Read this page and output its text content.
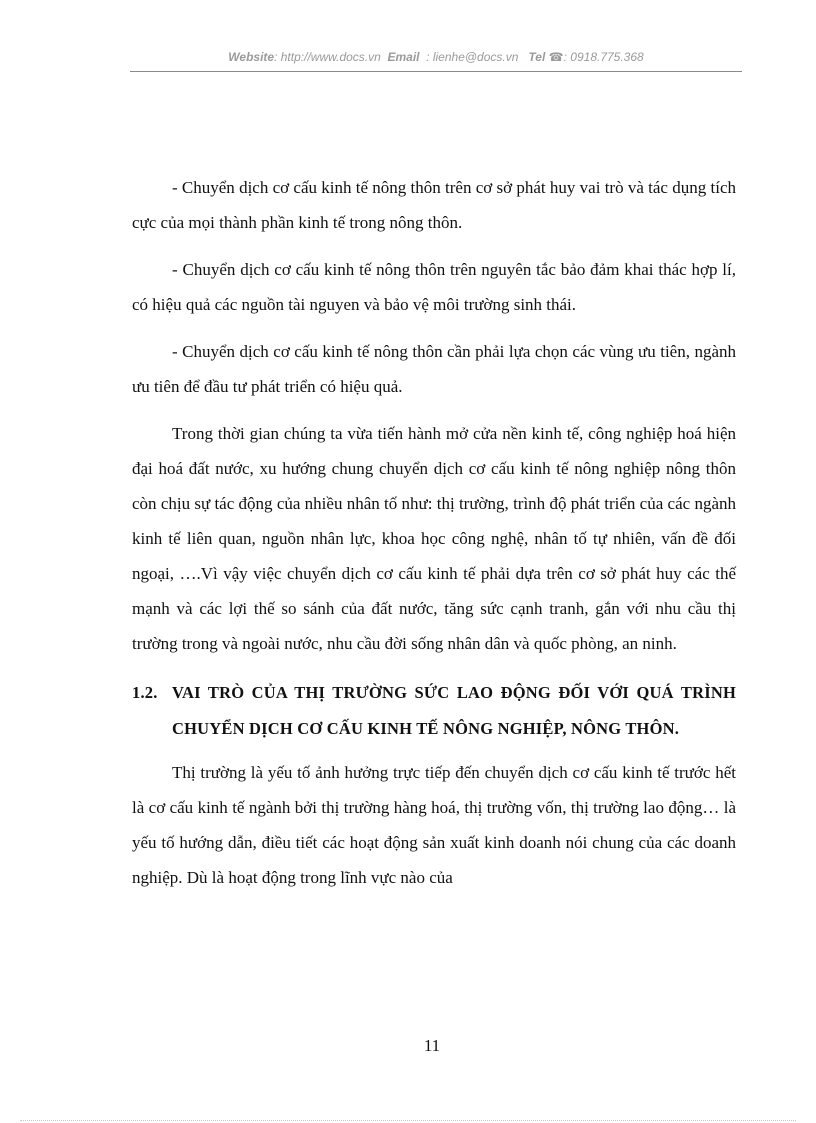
Website: http://www.docs.vn Email : lienhe@docs.vn Tel ☎: 0918.775.368

- Chuyển dịch cơ cấu kinh tế nông thôn trên cơ sở phát huy vai trò và tác dụng tích cực của mọi thành phần kinh tế trong nông thôn.

- Chuyển dịch cơ cấu kinh tế nông thôn trên nguyên tắc bảo đảm khai thác hợp lí, có hiệu quả các nguồn tài nguyen và bảo vệ môi trường sinh thái.

- Chuyển dịch cơ cấu kinh tế nông thôn cần phải lựa chọn các vùng ưu tiên, ngành ưu tiên để đầu tư phát triển có hiệu quả.

Trong thời gian chúng ta vừa tiến hành mở cửa nền kinh tế, công nghiệp hoá hiện đại hoá đất nước, xu hướng chung chuyển dịch cơ cấu kinh tế nông nghiệp nông thôn còn chịu sự tác động của nhiều nhân tố như: thị trường, trình độ phát triển của các ngành kinh tế liên quan, nguồn nhân lực, khoa học công nghệ, nhân tố tự nhiên, vấn đề đối ngoại, ….Vì vậy việc chuyển dịch cơ cấu kinh tế phải dựa trên cơ sở phát huy các thế mạnh và các lợi thế so sánh của đất nước, tăng sức cạnh tranh, gắn với nhu cầu thị trường trong và ngoài nước, nhu cầu đời sống nhân dân và quốc phòng, an ninh.

1.2. VAI TRÒ CỦA THỊ TRƯỜNG SỨC LAO ĐỘNG ĐỐI VỚI QUÁ TRÌNH CHUYỂN DỊCH CƠ CẤU KINH TẾ NÔNG NGHIỆP, NÔNG THÔN.

Thị trường là yếu tố ảnh hưởng trực tiếp đến chuyển dịch cơ cấu kinh tế trước hết là cơ cấu kinh tế ngành bởi thị trường hàng hoá, thị trường vốn, thị trường lao động… là yếu tố hướng dẫn, điều tiết các hoạt động sản xuất kinh doanh nói chung của các doanh nghiệp. Dù là hoạt động trong lĩnh vực nào của

11
